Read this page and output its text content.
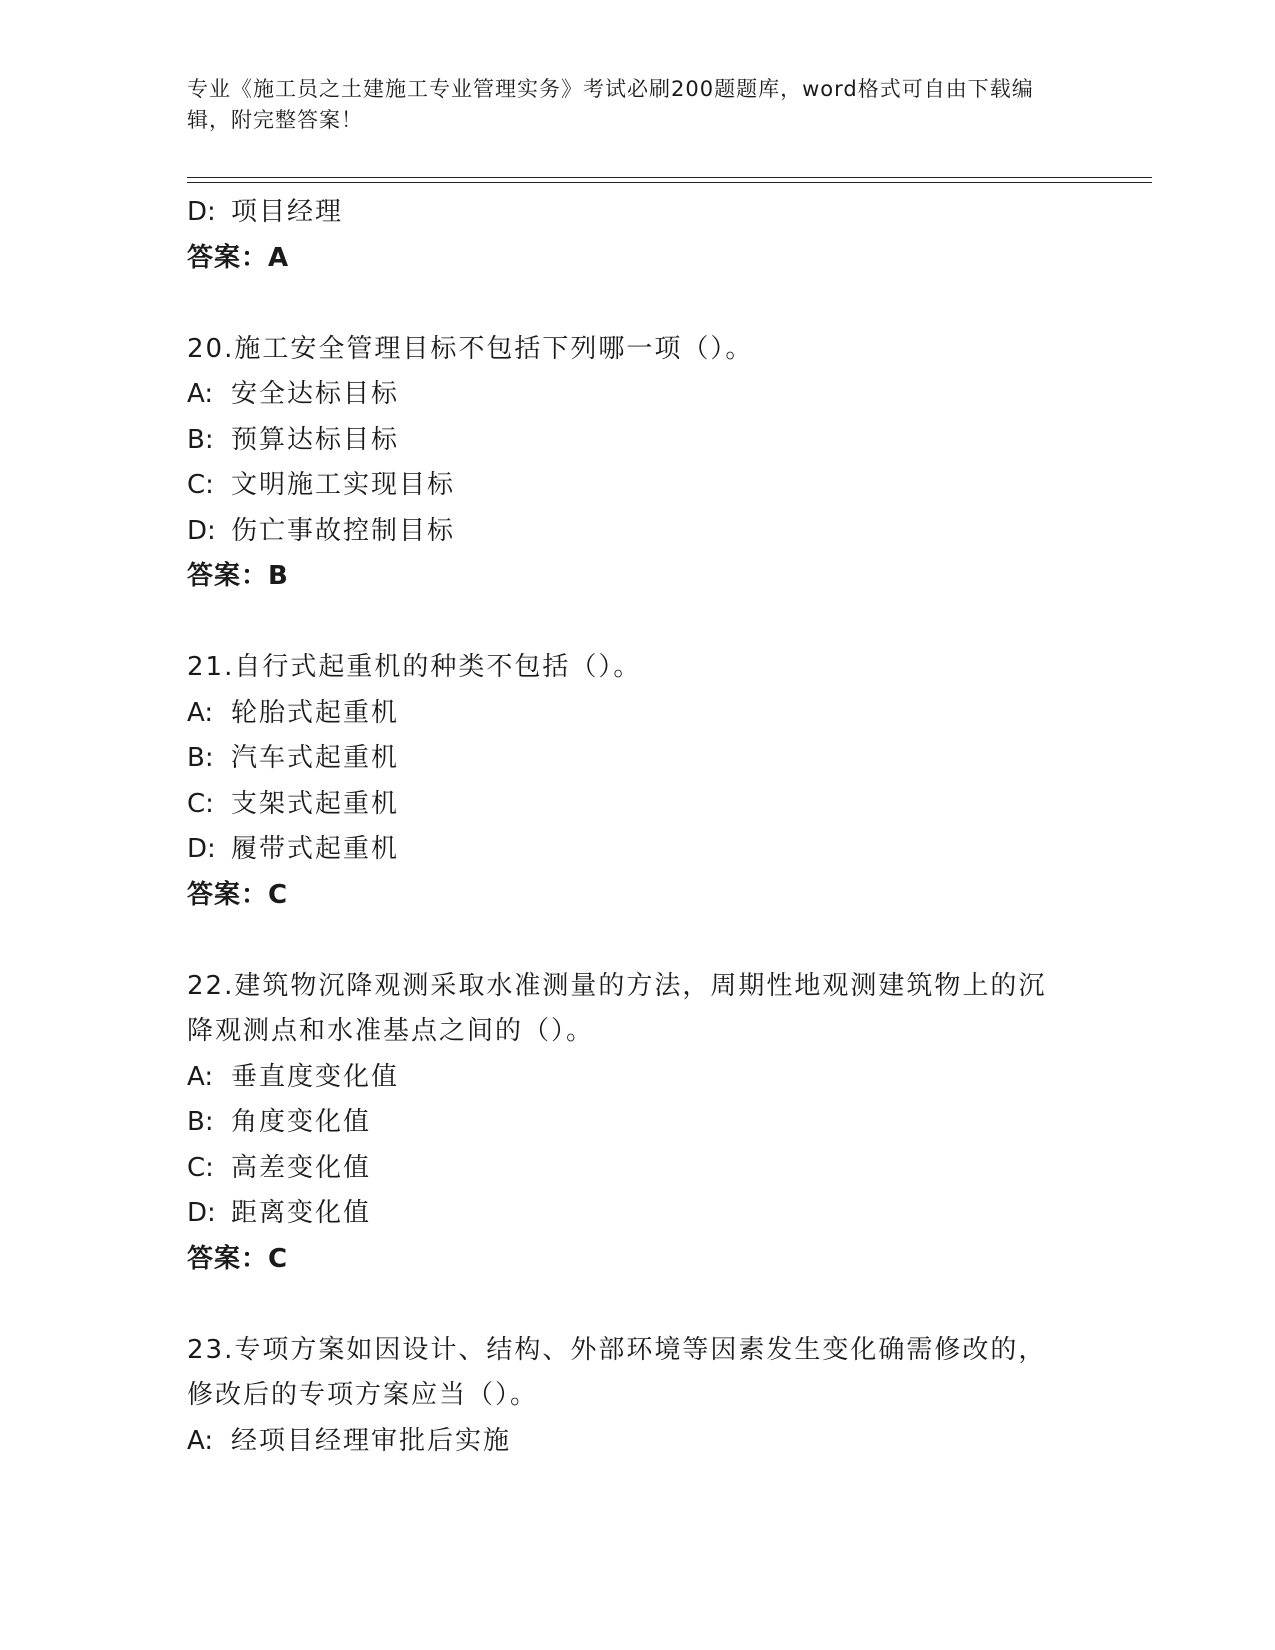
专业《施工员之土建施工专业管理实务》考试必刷200题题库，word格式可自由下载编辑，附完整答案！
D: 项目经理
答案：A
20.施工安全管理目标不包括下列哪一项（）。
A: 安全达标目标
B: 预算达标目标
C: 文明施工实现目标
D: 伤亡事故控制目标
答案：B
21.自行式起重机的种类不包括（）。
A: 轮胎式起重机
B: 汽车式起重机
C: 支架式起重机
D: 履带式起重机
答案：C
22.建筑物沉降观测采取水准测量的方法，周期性地观测建筑物上的沉降观测点和水准基点之间的（）。
A: 垂直度变化值
B: 角度变化值
C: 高差变化值
D: 距离变化值
答案：C
23.专项方案如因设计、结构、外部环境等因素发生变化确需修改的，修改后的专项方案应当（）。
A: 经项目经理审批后实施
